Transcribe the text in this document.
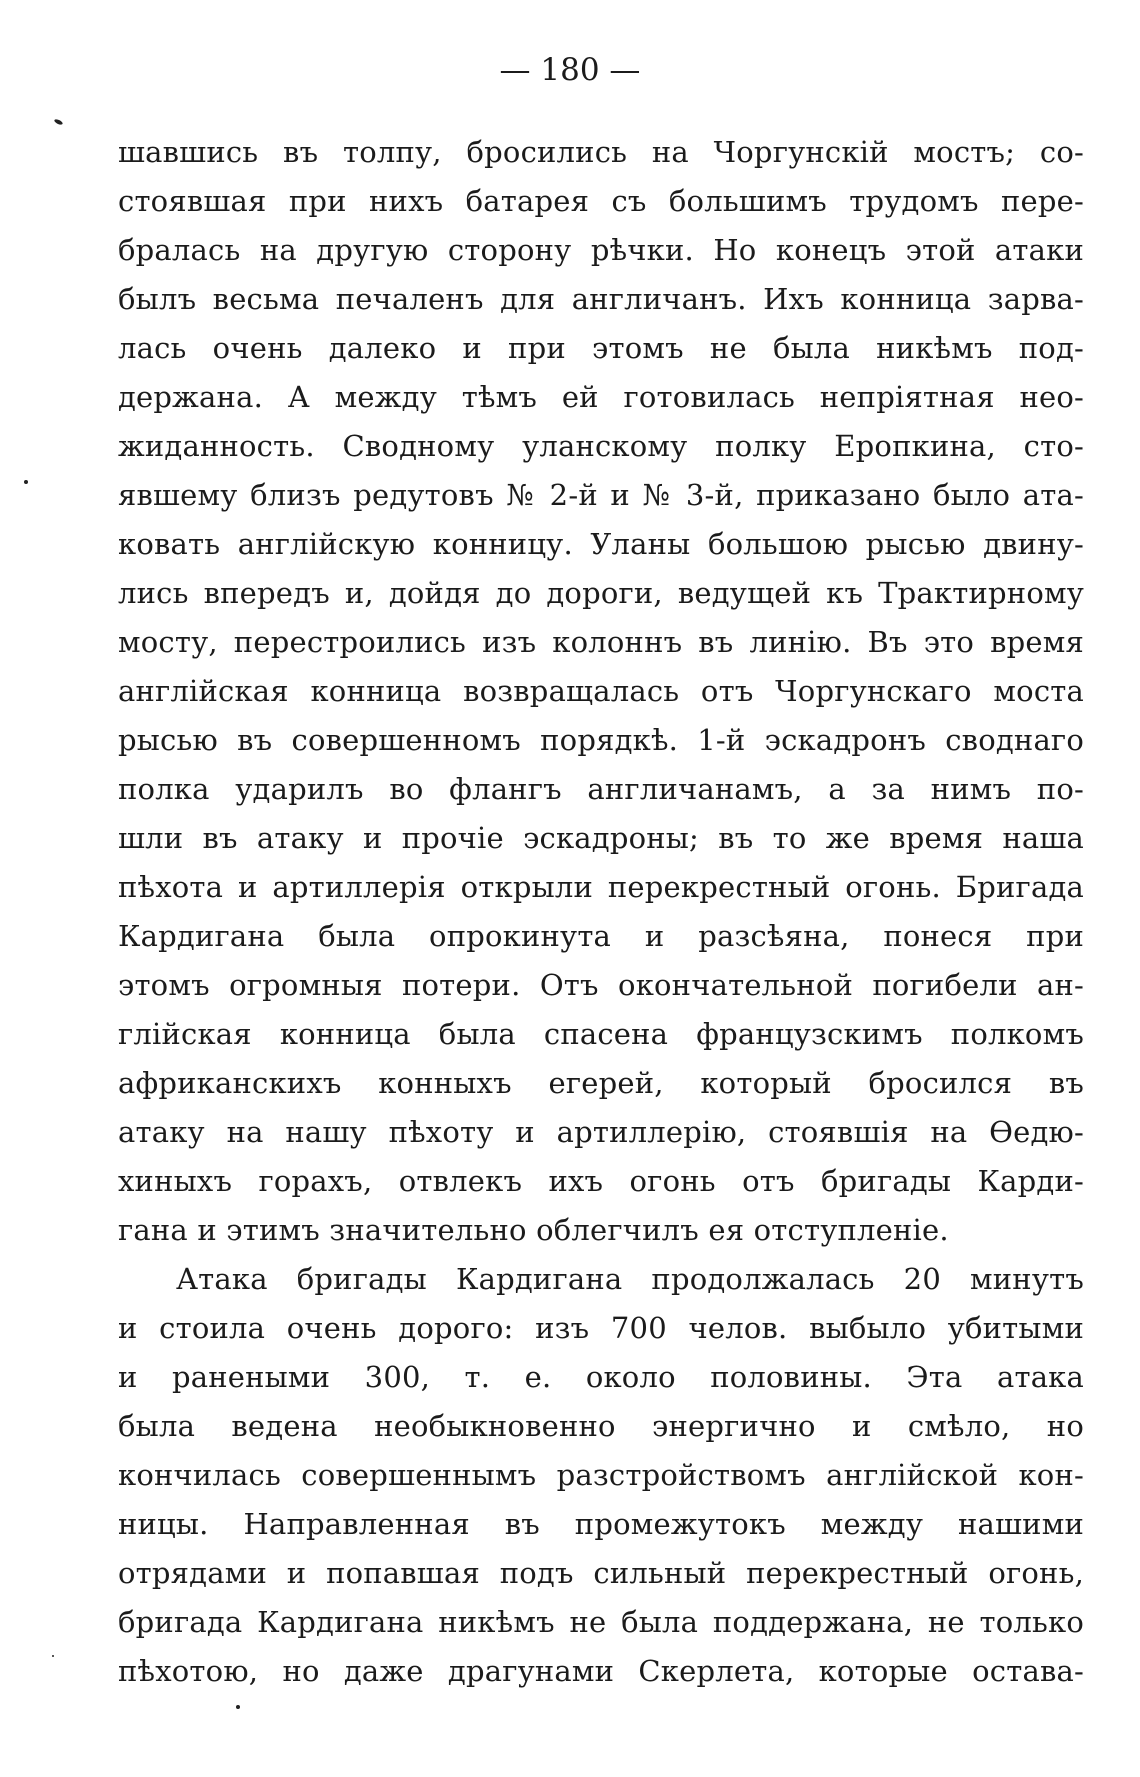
— 180 —
шавшись въ толпу, бросились на Чоргунскій мостъ; со-
стоявшая при нихъ батарея съ большимъ трудомъ пере-
бралась на другую сторону рѣчки. Но конецъ этой атаки
былъ весьма печаленъ для англичанъ. Ихъ конница зарва-
лась очень далеко и при этомъ не была никѣмъ под-
держана. А между тѣмъ ей готовилась непріятная нео-
жиданность. Сводному уланскому полку Еропкина, сто-
явшему близъ редутовъ № 2-й и № 3-й, приказано было ата-
ковать англійскую конницу. Уланы большою рысью двину-
лись впередъ и, дойдя до дороги, ведущей къ Трактирному
мосту, перестроились изъ колоннъ въ линію. Въ это время
англійская конница возвращалась отъ Чоргунскаго моста
рысью въ совершенномъ порядкѣ. 1-й эскадронъ своднаго
полка ударилъ во флангъ англичанамъ, а за нимъ по-
шли въ атаку и прочіе эскадроны; въ то же время наша
пѣхота и артиллерія открыли перекрестный огонь. Бригада
Кардигана была опрокинута и разсѣяна, понеся при
этомъ огромныя потери. Отъ окончательной погибели ан-
глійская конница была спасена французскимъ полкомъ
африканскихъ конныхъ егерей, который бросился въ
атаку на нашу пѣхоту и артиллерію, стоявшія на Ѳедю-
хиныхъ горахъ, отвлекъ ихъ огонь отъ бригады Карди-
гана и этимъ значительно облегчилъ ея отступленіе.
Атака бригады Кардигана продолжалась 20 минутъ
и стоила очень дорого: изъ 700 челов. выбыло убитыми
и ранеными 300, т. е. около половины. Эта атака
была ведена необыкновенно энергично и смѣло, но
кончилась совершеннымъ разстройствомъ англійской кон-
ницы. Направленная въ промежутокъ между нашими
отрядами и попавшая подъ сильный перекрестный огонь,
бригада Кардигана никѣмъ не была поддержана, не только
пѣхотою, но даже драгунами Скерлета, которые остава-
